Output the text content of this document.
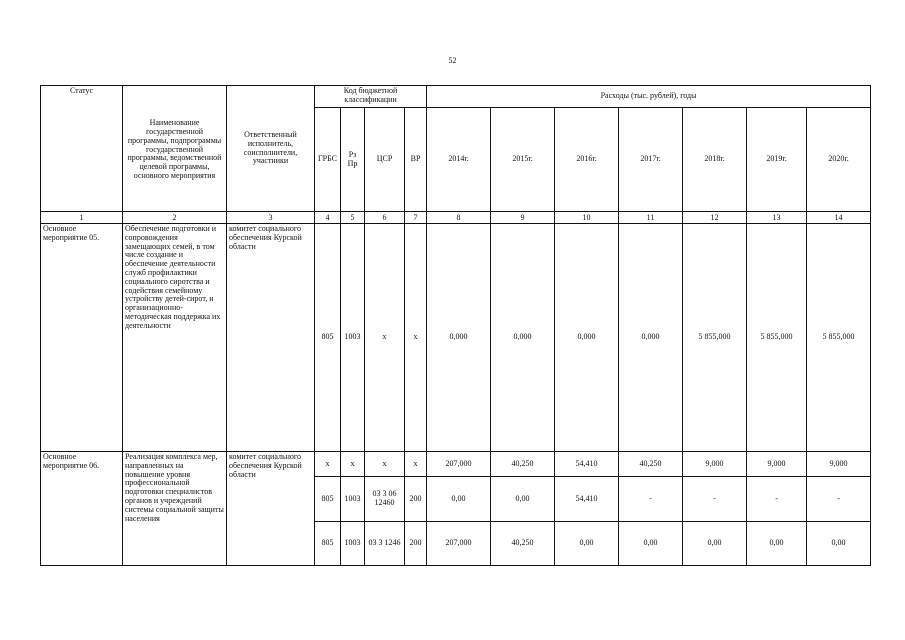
52
Статус	Наименование государственной программы, подпрограммы государственной программы, ведомственной целевой программы, основного мероприятия	Ответственный исполнитель, соисполнители, участники	Код бюджетной классификации				Расходы (тыс. рублей), годы						
			ГРБС	Рз Пр	ЦСР	ВР	2014г.	2015г.	2016г.	2017г.	2018г.	2019г.	2020г.
1	2	3	4	5	6	7	8	9	10	11	12	13	14
Основное мероприятие 05.	Обеспечение подготовки и сопровождения замещающих семей, в том числе создание и обеспечение деятельности служб профилактики социального сиротства и содействия семейному устройству детей-сирот, и организационно-методическая поддержка их деятельности	комитет социального обеспечения Курской области	805	1003	x	x	0,000	0,000	0,000	0,000	5 855,000	5 855,000	5 855,000
Основное мероприятие 06.	Реализация комплекса мер, направленных на повышение уровня профессиональной подготовки специалистов органов и учреждений системы социальной защиты населения	комитет социального обеспечения Курской области	x	x	x	x	207,000	40,250	54,410	40,250	9,000	9,000	9,000
			805	1003	03 3 06 12460	200	0,00	0,00	54,410	-	-	-	-
			805	1003	03 3 1246	200	207,000	40,250	0,00	0,00	0,00	0,00	0,00
